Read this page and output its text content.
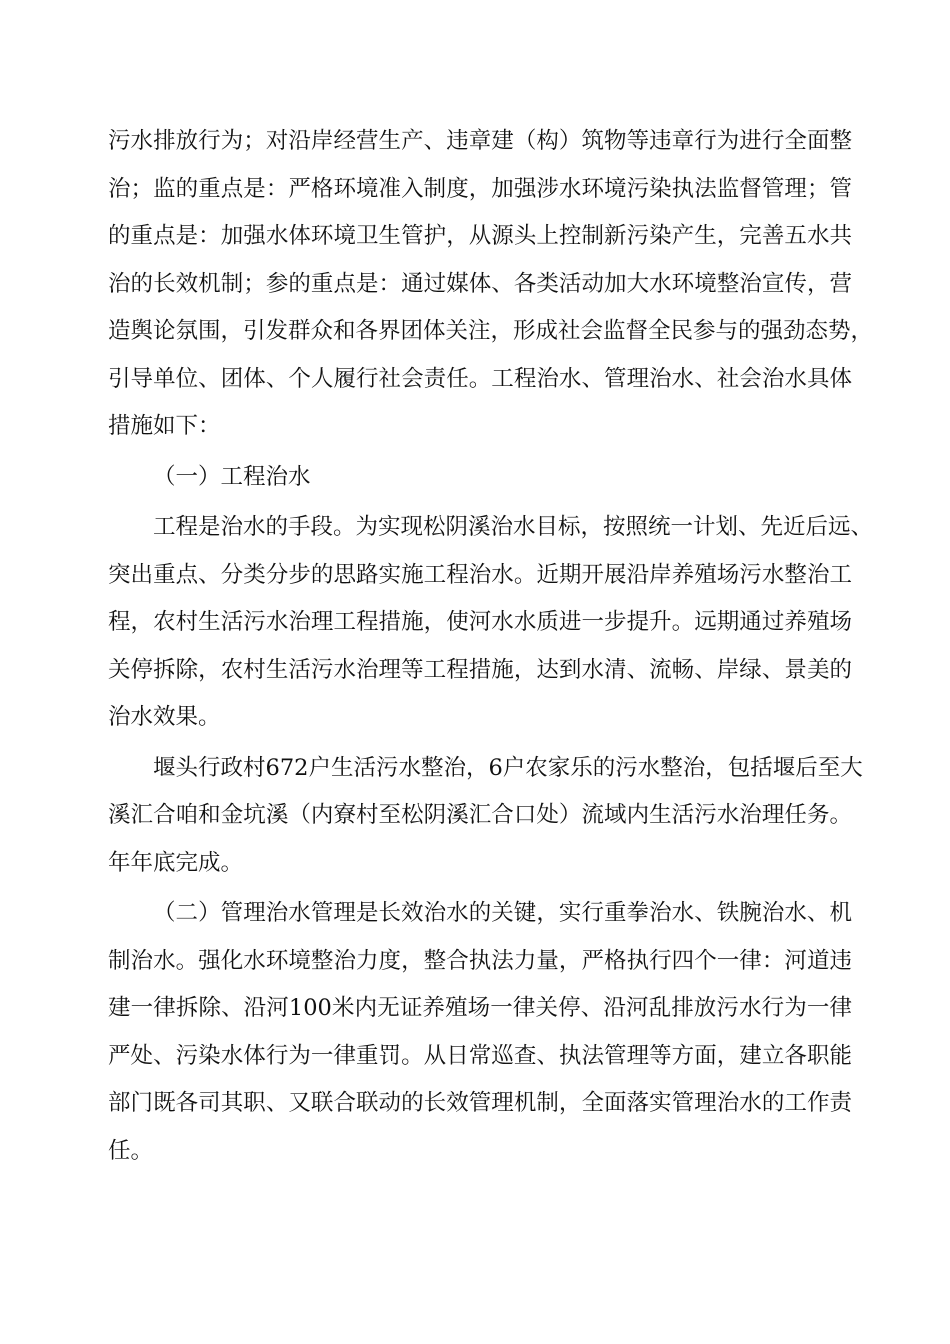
污水排放行为；对沿岸经营生产、违章建（构）筑物等违章行为进行全面整
治；监的重点是：严格环境准入制度，加强涉水环境污染执法监督管理；管
的重点是：加强水体环境卫生管护，从源头上控制新污染产生，完善五水共
治的长效机制；参的重点是：通过媒体、各类活动加大水环境整治宣传，营
造舆论氛围，引发群众和各界团体关注，形成社会监督全民参与的强劲态势，
引导单位、团体、个人履行社会责任。工程治水、管理治水、社会治水具体
措施如下：
（一）工程治水
工程是治水的手段。为实现松阴溪治水目标，按照统一计划、先近后远、
突出重点、分类分步的思路实施工程治水。近期开展沿岸养殖场污水整治工
程，农村生活污水治理工程措施，使河水水质进一步提升。远期通过养殖场
关停拆除，农村生活污水治理等工程措施，达到水清、流畅、岸绿、景美的
治水效果。
堰头行政村672户生活污水整治，6户农家乐的污水整治，包括堰后至大
溪汇合咱和金坑溪（内寮村至松阴溪汇合口处）流域内生活污水治理任务。
年年底完成。
（二）管理治水管理是长效治水的关键，实行重拳治水、铁腕治水、机
制治水。强化水环境整治力度，整合执法力量，严格执行四个一律：河道违
建一律拆除、沿河100米内无证养殖场一律关停、沿河乱排放污水行为一律
严处、污染水体行为一律重罚。从日常巡查、执法管理等方面，建立各职能
部门既各司其职、又联合联动的长效管理机制，全面落实管理治水的工作责
任。
